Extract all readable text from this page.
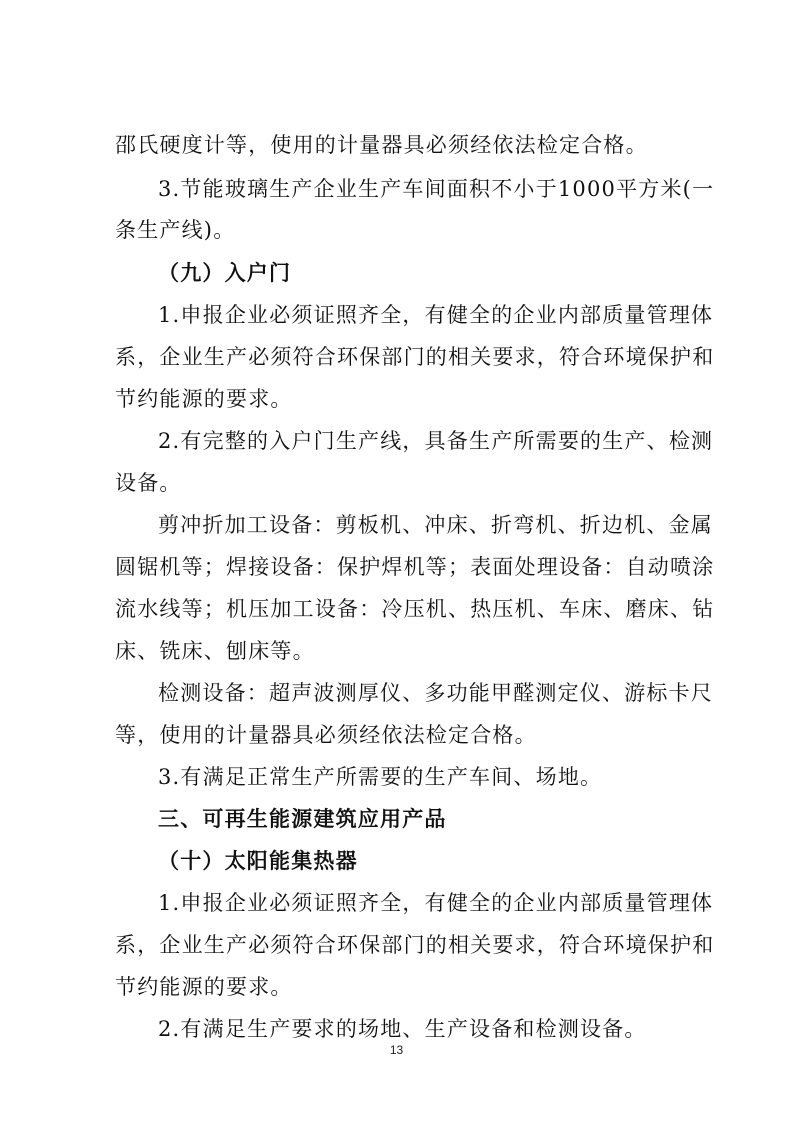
邵氏硬度计等，使用的计量器具必须经依法检定合格。
3.节能玻璃生产企业生产车间面积不小于1000平方米(一
条生产线)。
（九）入户门
1.申报企业必须证照齐全，有健全的企业内部质量管理体
系，企业生产必须符合环保部门的相关要求，符合环境保护和
节约能源的要求。
2.有完整的入户门生产线，具备生产所需要的生产、检测
设备。
剪冲折加工设备：剪板机、冲床、折弯机、折边机、金属
圆锯机等；焊接设备：保护焊机等；表面处理设备：自动喷涂
流水线等；机压加工设备：冷压机、热压机、车床、磨床、钻
床、铣床、刨床等。
检测设备：超声波测厚仪、多功能甲醛测定仪、游标卡尺
等，使用的计量器具必须经依法检定合格。
3.有满足正常生产所需要的生产车间、场地。
三、可再生能源建筑应用产品
（十）太阳能集热器
1.申报企业必须证照齐全，有健全的企业内部质量管理体
系，企业生产必须符合环保部门的相关要求，符合环境保护和
节约能源的要求。
2.有满足生产要求的场地、生产设备和检测设备。
13
